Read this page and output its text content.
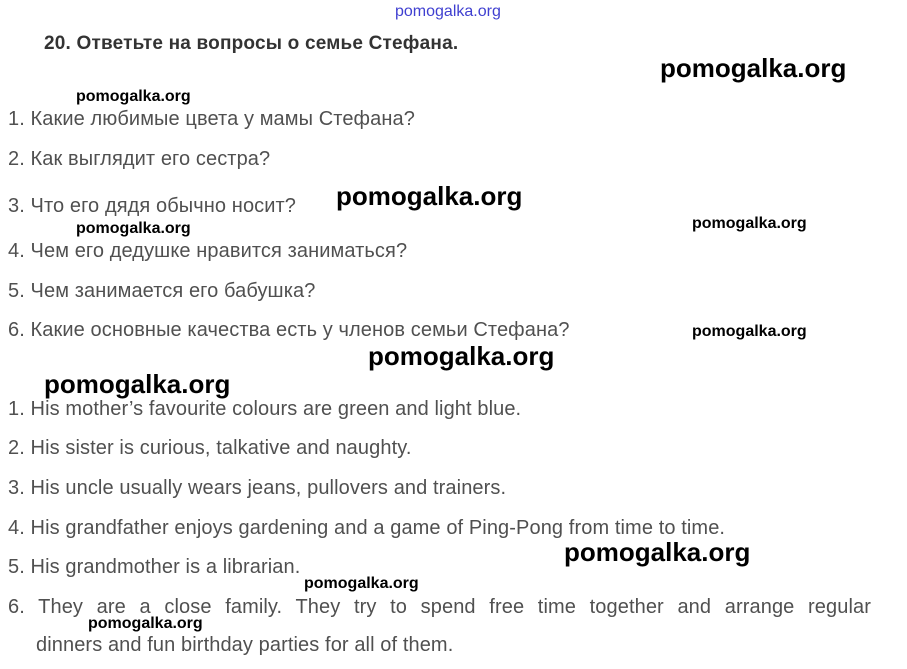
pomogalka.org
20. Ответьте на вопросы о семье Стефана.
1. Какие любимые цвета у мамы Стефана?
2. Как выглядит его сестра?
3. Что его дядя обычно носит?
4. Чем его дедушке нравится заниматься?
5. Чем занимается его бабушка?
6. Какие основные качества есть у членов семьи Стефана?
1. His mother’s favourite colours are green and light blue.
2. His sister is curious, talkative and naughty.
3. His uncle usually wears jeans, pullovers and trainers.
4. His grandfather enjoys gardening and a game of Ping-Pong from time to time.
5. His grandmother is a librarian.
6. They are a close family. They try to spend free time together and arrange regular
dinners and fun birthday parties for all of them.
pomogalka.org
pomogalka.org
pomogalka.org
pomogalka.org	pomogalka.org
pomogalka.org
pomogalka.org
pomogalka.org
pomogalka.org
pomogalka.org
pomogalka.org
